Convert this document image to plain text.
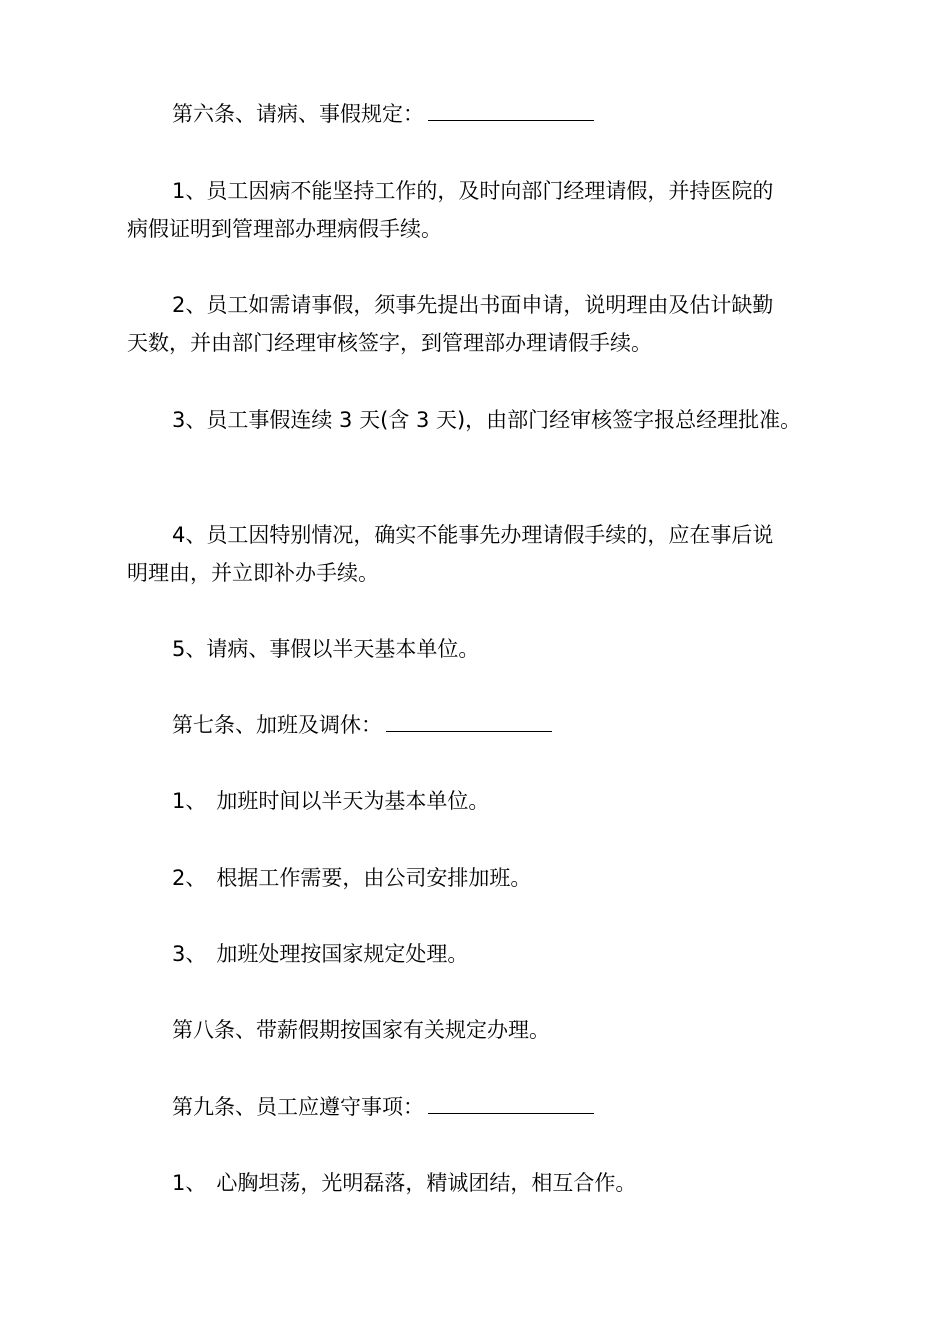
第六条、请病、事假规定：
1、员工因病不能坚持工作的，及时向部门经理请假，并持医院的
病假证明到管理部办理病假手续。
2、员工如需请事假，须事先提出书面申请，说明理由及估计缺勤
天数，并由部门经理审核签字，到管理部办理请假手续。
3、员工事假连续 3 天(含 3 天)，由部门经审核签字报总经理批准。
4、员工因特别情况，确实不能事先办理请假手续的，应在事后说
明理由，并立即补办手续。
5、请病、事假以半天基本单位。
第七条、加班及调休：
1、 加班时间以半天为基本单位。
2、 根据工作需要，由公司安排加班。
3、 加班处理按国家规定处理。
第八条、带薪假期按国家有关规定办理。
第九条、员工应遵守事项：
1、 心胸坦荡，光明磊落，精诚团结，相互合作。
